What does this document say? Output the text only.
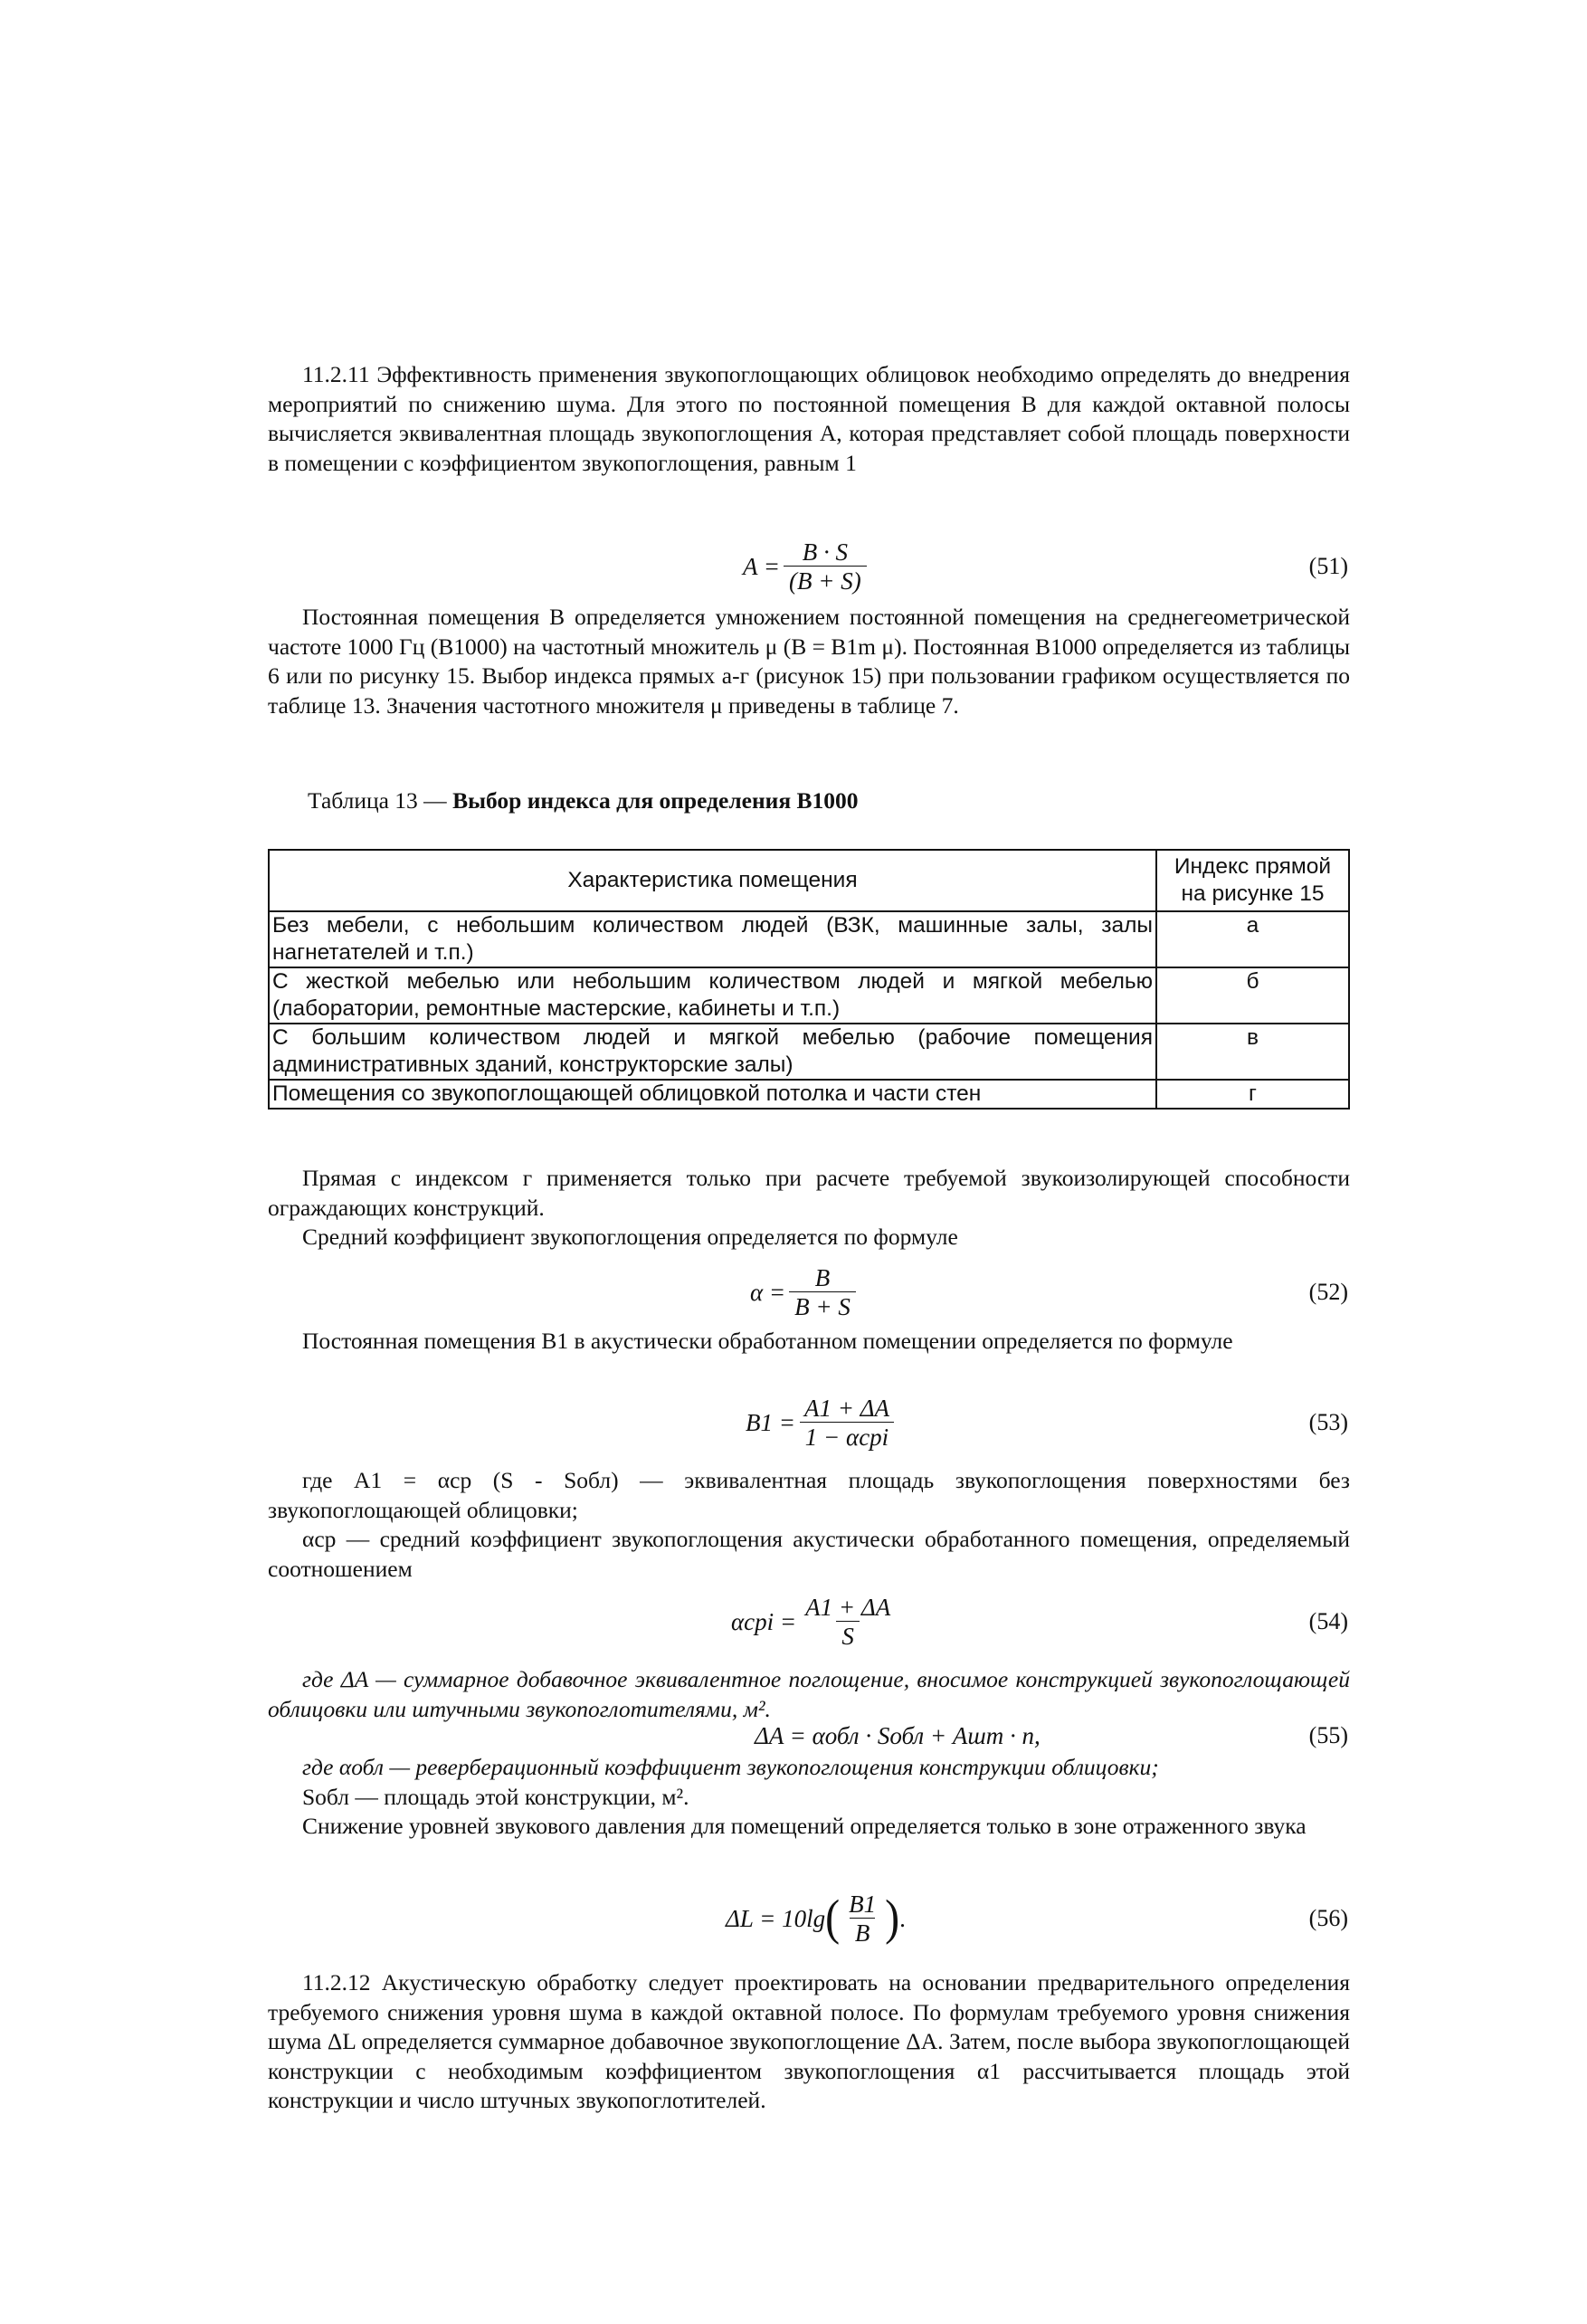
11.2.11 Эффективность применения звукопоглощающих облицовок необходимо определять до внедрения мероприятий по снижению шума. Для этого по постоянной помещения B для каждой октавной полосы вычисляется эквивалентная площадь звукопоглощения A, которая представляет собой площадь поверхности в помещении с коэффициентом звукопоглощения, равным 1

$A = \frac{B \cdot S}{(B + S)}$	(51)

Постоянная помещения В определяется умножением постоянной помещения на среднегеометрической частоте 1000 Гц (B1000) на частотный множитель μ (B = B1m μ). Постоянная B1000 определяется из таблицы 6 или по рисунку 15. Выбор индекса прямых а-г (рисунок 15) при пользовании графиком осуществляется по таблице 13. Значения частотного множителя μ приведены в таблице 7.

Таблица 13 — Выбор индекса для определения B1000
Характеристика помещения	Индекс прямой на рисунке 15
Без мебели, с небольшим количеством людей (ВЗК, машинные залы, залы нагнетателей и т.п.)	а
С жесткой мебелью или небольшим количеством людей и мягкой мебелью (лаборатории, ремонтные мастерские, кабинеты и т.п.)	б
С большим количеством людей и мягкой мебелью (рабочие помещения административных зданий, конструкторские залы)	в
Помещения со звукопоглощающей облицовкой потолка и части стен	г

Прямая с индексом г применяется только при расчете требуемой звукоизолирующей способности ограждающих конструкций.

Средний коэффициент звукопоглощения определяется по формуле

$\alpha = \frac{B}{B + S}$	(52)

Постоянная помещения B1 в акустически обработанном помещении определяется по формуле

$B1 = \frac{A1 + \Delta A}{\text{1 − αсрi}}$	(53)

где A1 = αср (S - Sобл) — эквивалентная площадь звукопоглощения поверхностями без звукопоглощающей облицовки;

αср — средний коэффициент звукопоглощения акустически обработанного помещения, определяемый соотношением

$\alpha срi = \frac{A1 + \Delta A}{S}$	(54)

где ΔA — суммарное добавочное эквивалентное поглощение, вносимое конструкцией звукопоглощающей облицовки или штучными звукопоглотителями, м².

ΔA = αобл · Sобл + Aшт · n,	(55)

где αобл — реверберационный коэффициент звукопоглощения конструкции облицовки;

Sобл — площадь этой конструкции, м².

Снижение уровней звукового давления для помещений определяется только в зоне отраженного звука

ΔL = 10lg ( $\frac{B1}{B}$ ) .	(56)

11.2.12 Акустическую обработку следует проектировать на основании предварительного определения требуемого снижения уровня шума в каждой октавной полосе. По формулам требуемого уровня снижения шума ΔL определяется суммарное добавочное звукопоглощение ΔA. Затем, после выбора звукопоглощающей конструкции с необходимым коэффициентом звукопоглощения α1 рассчитывается площадь этой конструкции и число штучных звукопоглотителей.
